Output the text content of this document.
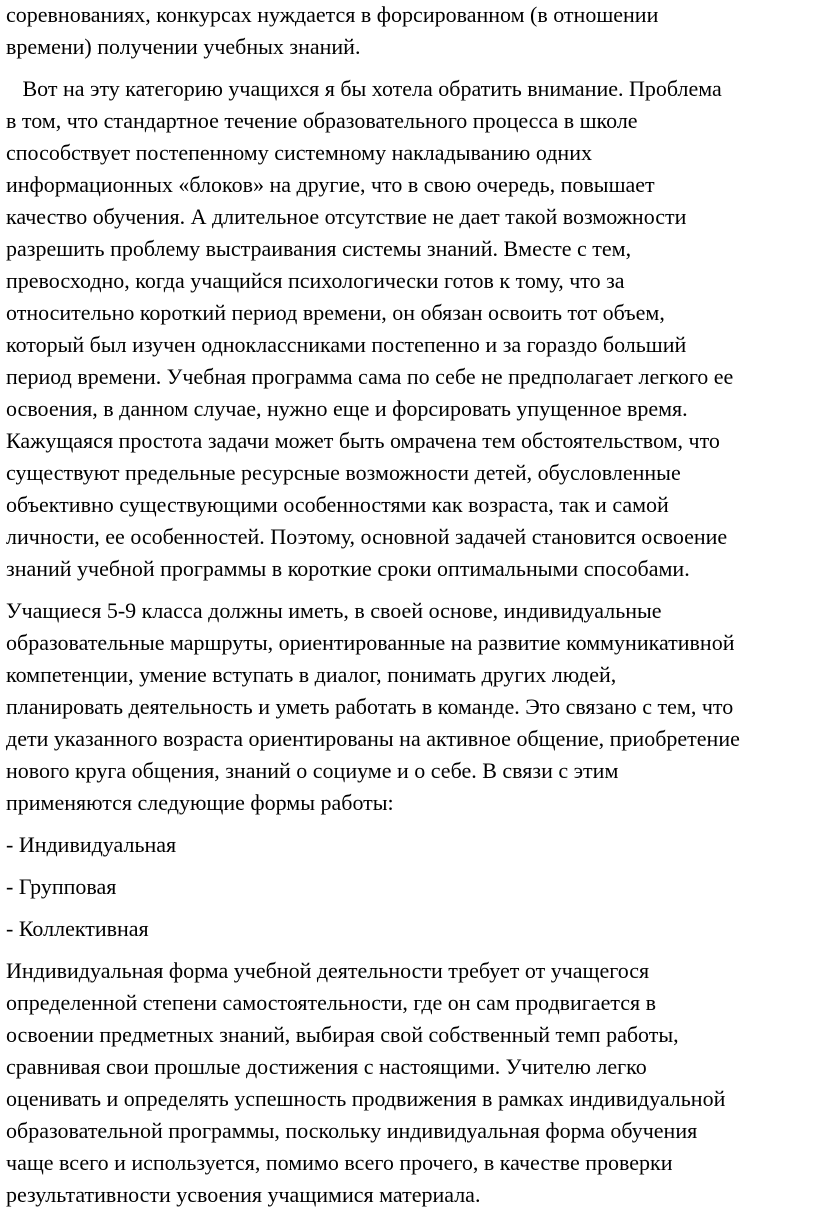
соревнованиях, конкурсах нуждается в форсированном (в отношении
времени) получении учебных знаний.
Вот на эту категорию учащихся я бы хотела обратить внимание. Проблема
в том, что стандартное течение образовательного процесса в школе
способствует постепенному системному накладыванию одних
информационных «блоков» на другие, что в свою очередь, повышает
качество обучения. А длительное отсутствие не дает такой возможности
разрешить проблему выстраивания системы знаний. Вместе с тем,
превосходно, когда учащийся психологически готов к тому, что за
относительно короткий период времени, он обязан освоить тот объем,
который был изучен одноклассниками постепенно и за гораздо больший
период времени. Учебная программа сама по себе не предполагает легкого ее
освоения, в данном случае, нужно еще и форсировать упущенное время.
Кажущаяся простота задачи может быть омрачена тем обстоятельством, что
существуют предельные ресурсные возможности детей, обусловленные
объективно существующими особенностями как возраста, так и самой
личности, ее особенностей. Поэтому, основной задачей становится освоение
знаний учебной программы в короткие сроки оптимальными способами.
Учащиеся 5-9 класса должны иметь, в своей основе, индивидуальные
образовательные маршруты, ориентированные на развитие коммуникативной
компетенции, умение вступать в диалог, понимать других людей,
планировать деятельность и уметь работать в команде. Это связано с тем, что
дети указанного возраста ориентированы на активное общение, приобретение
нового круга общения, знаний о социуме и о себе. В связи с этим
применяются следующие формы работы:
- Индивидуальная
- Групповая
- Коллективная
Индивидуальная форма учебной деятельности требует от учащегося
определенной степени самостоятельности, где он сам продвигается в
освоении предметных знаний, выбирая свой собственный темп работы,
сравнивая свои прошлые достижения с настоящими. Учителю легко
оценивать и определять успешность продвижения в рамках индивидуальной
образовательной программы, поскольку индивидуальная форма обучения
чаще всего и используется, помимо всего прочего, в качестве проверки
результативности усвоения учащимися материала.
